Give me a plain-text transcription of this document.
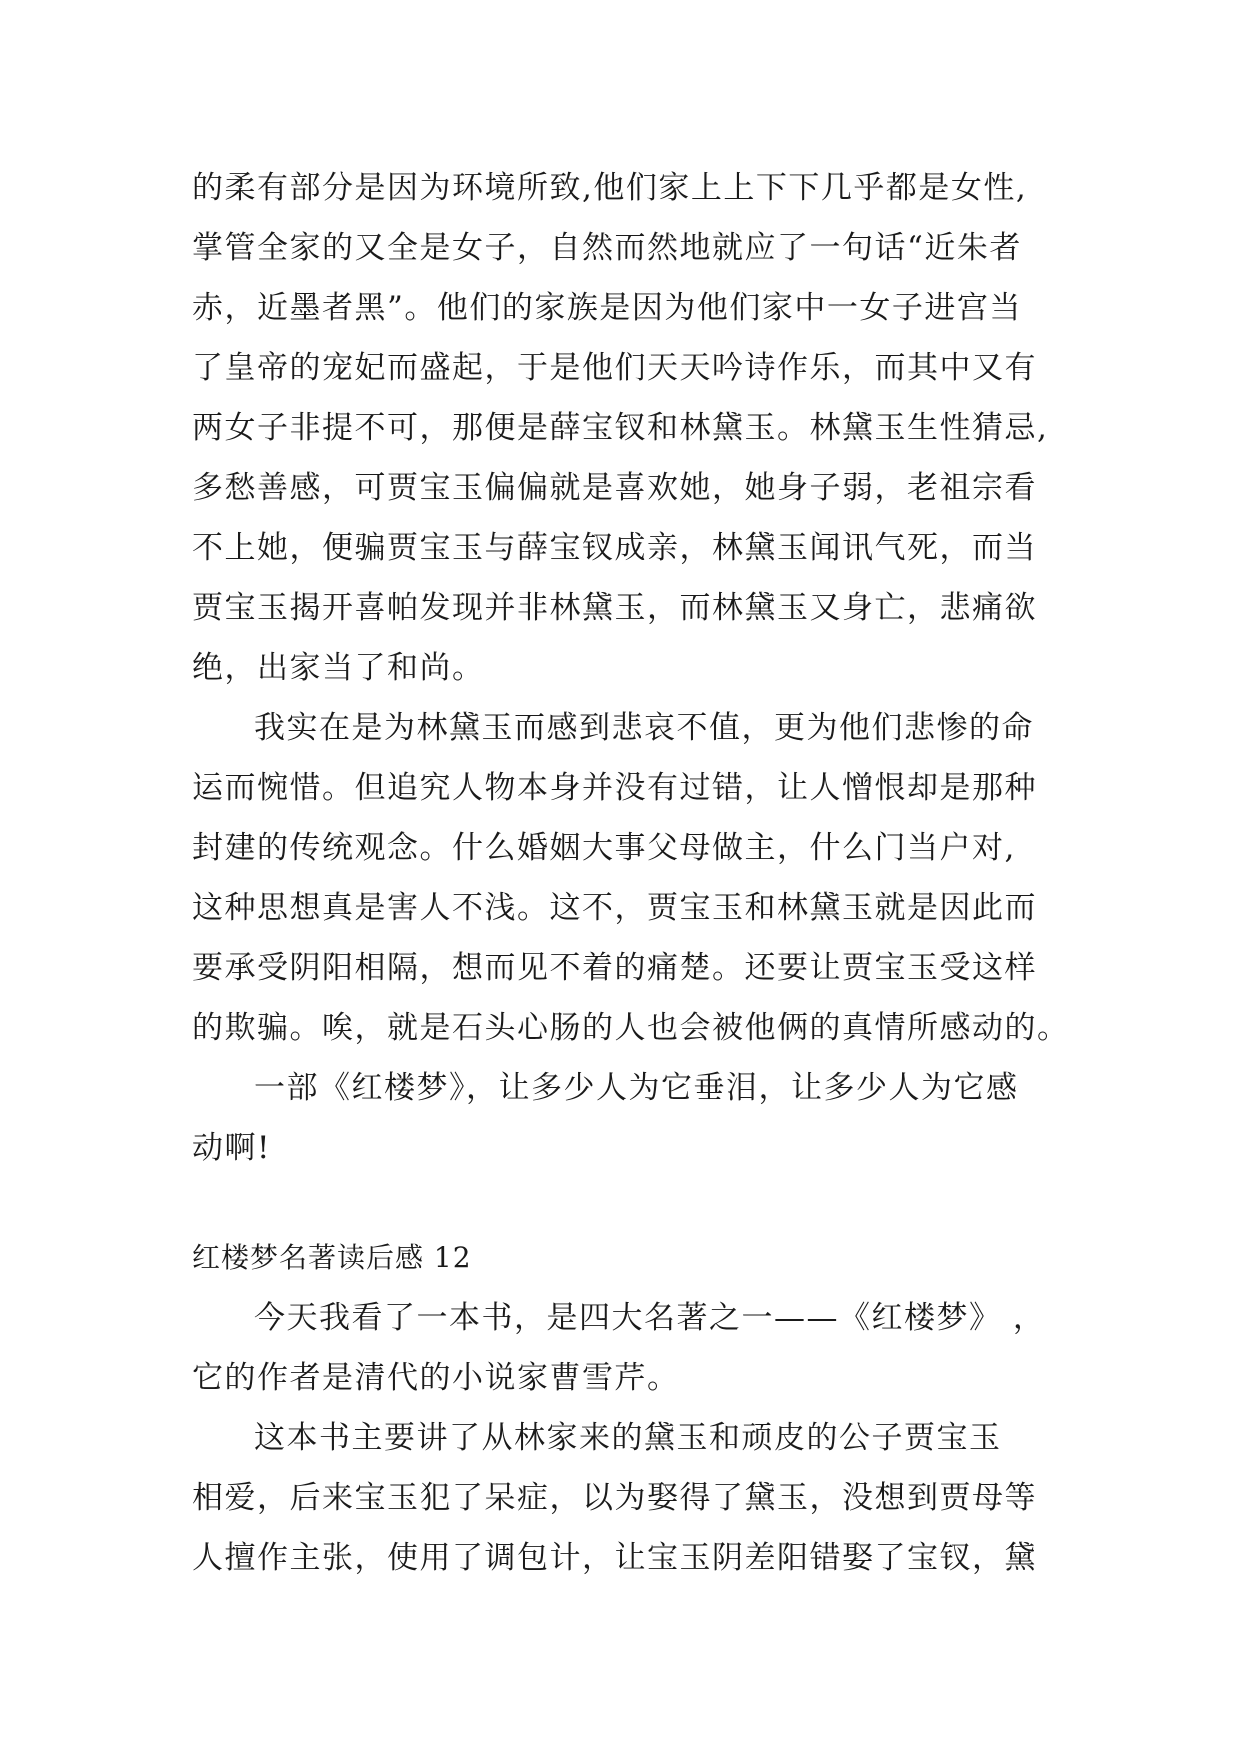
的柔有部分是因为环境所致,他们家上上下下几乎都是女性,
掌管全家的又全是女子，自然而然地就应了一句话“近朱者
赤，近墨者黑”。他们的家族是因为他们家中一女子进宫当
了皇帝的宠妃而盛起，于是他们天天吟诗作乐，而其中又有
两女子非提不可，那便是薛宝钗和林黛玉。林黛玉生性猜忌,
多愁善感，可贾宝玉偏偏就是喜欢她，她身子弱，老祖宗看
不上她，便骗贾宝玉与薛宝钗成亲，林黛玉闻讯气死，而当
贾宝玉揭开喜帕发现并非林黛玉，而林黛玉又身亡，悲痛欲
绝，出家当了和尚。
我实在是为林黛玉而感到悲哀不值，更为他们悲惨的命
运而惋惜。但追究人物本身并没有过错，让人憎恨却是那种
封建的传统观念。什么婚姻大事父母做主，什么门当户对,
这种思想真是害人不浅。这不，贾宝玉和林黛玉就是因此而
要承受阴阳相隔，想而见不着的痛楚。还要让贾宝玉受这样
的欺骗。唉，就是石头心肠的人也会被他俩的真情所感动的。
一部《红楼梦》，让多少人为它垂泪，让多少人为它感
动啊!
红楼梦名著读后感 12
今天我看了一本书，是四大名著之一——《红楼梦》 ，
它的作者是清代的小说家曹雪芹。
这本书主要讲了从林家来的黛玉和顽皮的公子贾宝玉
相爱，后来宝玉犯了呆症，以为娶得了黛玉，没想到贾母等
人擅作主张，使用了调包计，让宝玉阴差阳错娶了宝钗，黛
